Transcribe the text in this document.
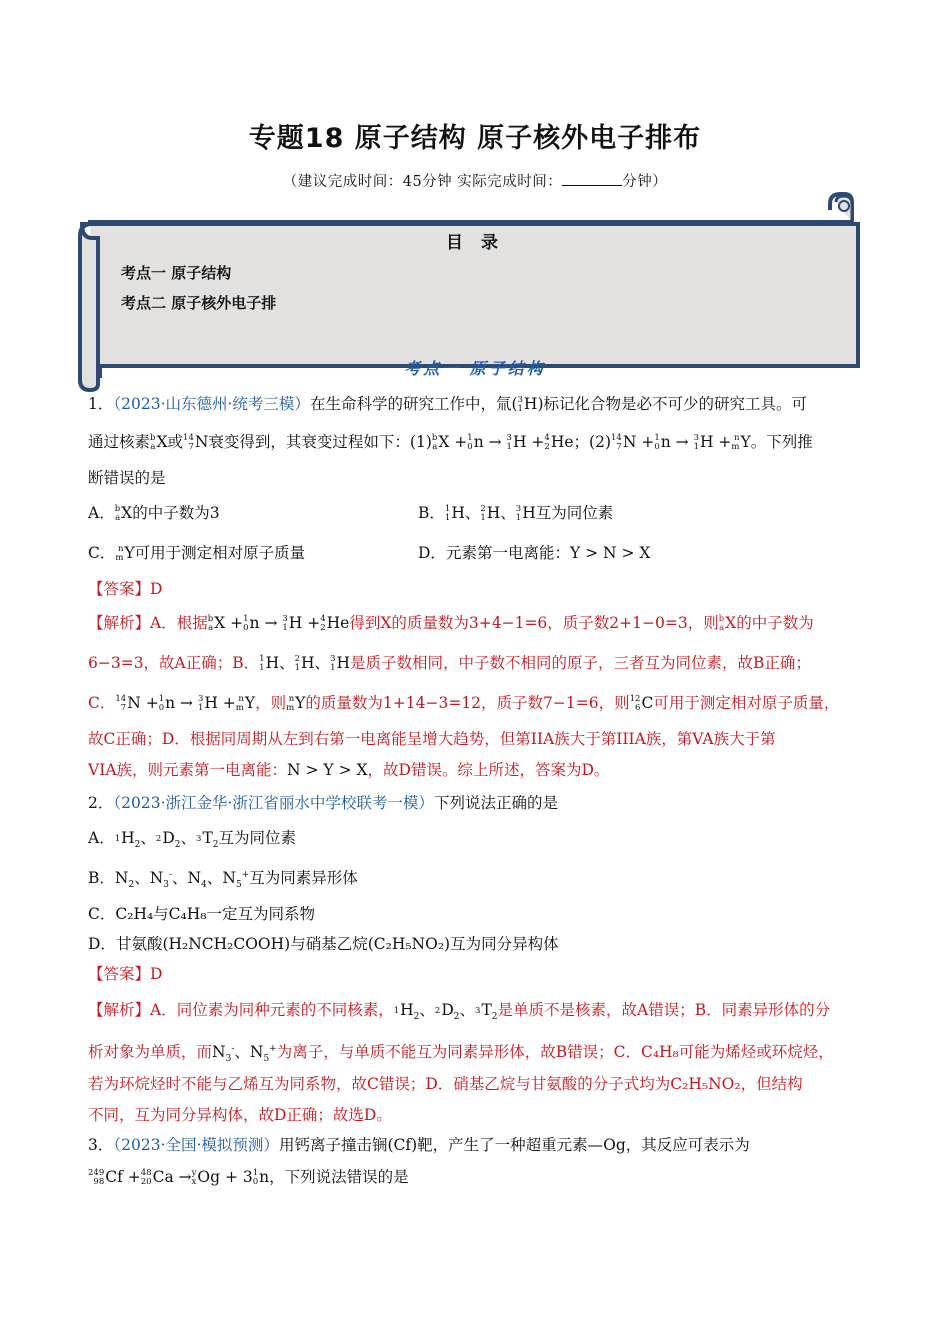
专题18 原子结构 原子核外电子排布
（建议完成时间：45分钟 实际完成时间：	分钟）
目 录
考点一 原子结构
考点二 原子核外电子排
考点一 原子结构
1．（2023·山东德州·统考三模）在生命科学的研究工作中，氚( 3
1 H)标记化合物是必不可少的研究工具。可
通过核素 b
a X或 14
7 N衰变得到，其衰变过程如下：(1) b
a X + 1
0 n → 3
1 H + 4
2 He；(2) 14
7 N + 1
0 n → 3
1 H + n
m Y。下列推
断错误的是
A． b
a X的中子数为3	B． 1
1 H、 2
1 H、 3
1 H互为同位素
C． n
m Y可用于测定相对原子质量	D．元素第一电离能：Y > N > X
【答案】D
【解析】A．根据 b
a X + 1
0 n → 3
1 H + 4
2 He得到X的质量数为3+4−1=6，质子数2+1−0=3，则 b
a X的中子数为
6−3=3，故A正确；B． 1
1 H、 2
1 H、 3
1 H是质子数相同，中子数不相同的原子，三者互为同位素，故B正确；
C． 14
7 N + 1
0 n → 3
1 H + n
m Y，则 n
m Y的质量数为1+14−3=12，质子数7−1=6，则 12
6 C可用于测定相对原子质量，
故C正确；D．根据同周期从左到右第一电离能呈增大趋势，但第IIA族大于第IIIA族，第VA族大于第
VIA族，则元素第一电离能：N > Y > X，故D错误。综上所述，答案为D。
2．（2023·浙江金华·浙江省丽水中学校联考一模）下列说法正确的是
A． 1 $H_2$、 2 $D_2$、 3 $T_2$互为同位素
B．$N_2$、$N_3^-$、$N_4$、$N_5^+$互为同素异形体
C．C₂H₄与C₄H₈一定互为同系物
D．甘氨酸(H₂NCH₂COOH)与硝基乙烷(C₂H₅NO₂)互为同分异构体
【答案】D
【解析】A．同位素为同种元素的不同核素， 1 $H_2$、 2 $D_2$、 3 $T_2$是单质不是核素，故A错误；B．同素异形体的分
析对象为单质，而$N_3^-$、$N_5^+$为离子，与单质不能互为同素异形体，故B错误；C．C₄H₈可能为烯烃或环烷烃，
若为环烷烃时不能与乙烯互为同系物，故C错误；D．硝基乙烷与甘氨酸的分子式均为C₂H₅NO₂，但结构
不同，互为同分异构体，故D正确；故选D。
3．（2023·全国·模拟预测）用钙离子撞击锎(Cf)靶，产生了一种超重元素—Og，其反应可表示为
249
98 Cf + 48
20 Ca → y
x Og + 3 1
0 n，下列说法错误的是
